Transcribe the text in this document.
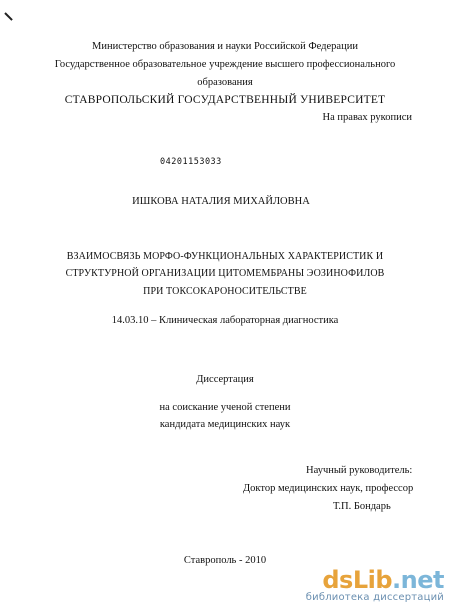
Министерство образования и науки Российской Федерации
Государственное образовательное учреждение высшего профессионального
образования
СТАВРОПОЛЬСКИЙ ГОСУДАРСТВЕННЫЙ УНИВЕРСИТЕТ
На правах рукописи
04201153033
ИШКОВА НАТАЛИЯ МИХАЙЛОВНА
ВЗАИМОСВЯЗЬ МОРФО-ФУНКЦИОНАЛЬНЫХ ХАРАКТЕРИСТИК И
СТРУКТУРНОЙ ОРГАНИЗАЦИИ ЦИТОМЕМБРАНЫ ЭОЗИНОФИЛОВ
ПРИ ТОКСОКАРОНОСИТЕЛЬСТВЕ
14.03.10 – Клиническая лабораторная диагностика
Диссертация
на соискание ученой степени
кандидата медицинских наук
Научный руководитель:
Доктор медицинских наук, профессор
Т.П. Бондарь
Ставрополь - 2010
dsLib.net
библиотека диссертаций
